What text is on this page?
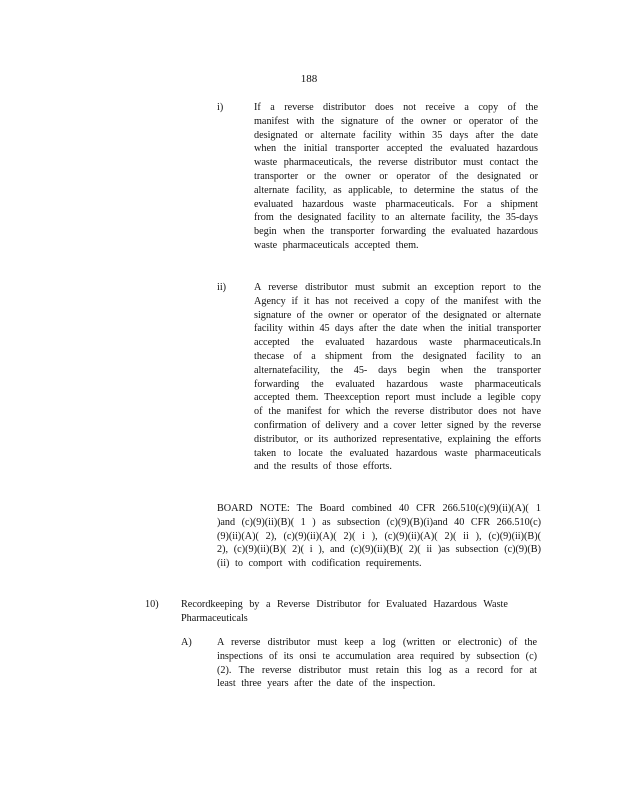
188
i)	If a reverse distributor does not receive a copy of the manifest with the signature of the owner or operator of the designated or alternate facility within 35 days after the date when the initial transporter accepted the evaluated hazardous waste pharmaceuticals, the reverse distributor must contact the transporter or the owner or operator of the designated or alternate facility, as applicable, to determine the status of the evaluated hazardous waste pharmaceuticals. For a shipment from the designated facility to an alternate facility, the 35-days begin when the transporter forwarding the evaluated hazardous waste pharmaceuticals accepted them.
ii)	A reverse distributor must submit an exception report to the Agency if it has not received a copy of the manifest with the signature of the owner or operator of the designated or alternate facility within 45 days after the date when the initial transporter accepted the evaluated hazardous waste pharmaceuticals.In thecase of a shipment from the designated facility to an alternatefacility, the 45- days begin when the transporter forwarding the evaluated hazardous waste pharmaceuticals accepted them. Theexception report must include a legible copy of the manifest for which the reverse distributor does not have confirmation of delivery and a cover letter signed by the reverse distributor, or its authorized representative, explaining the efforts taken to locate the evaluated hazardous waste pharmaceuticals and the results of those efforts.
BOARD NOTE: The Board combined 40 CFR 266.510(c)(9)(ii)(A)( 1 )and (c)(9)(ii)(B)( 1 ) as subsection (c)(9)(B)(i)and 40 CFR 266.510(c)(9)(ii)(A)( 2), (c)(9)(ii)(A)( 2)( i ), (c)(9)(ii)(A)( 2)( ii ), (c)(9)(ii)(B)( 2), (c)(9)(ii)(B)( 2)( i ), and (c)(9)(ii)(B)( 2)( ii )as subsection (c)(9)(B)(ii) to comport with codification requirements.
10) Recordkeeping by a Reverse Distributor for Evaluated Hazardous Waste Pharmaceuticals
A) A reverse distributor must keep a log (written or electronic) of the inspections of its onsi te accumulation area required by subsection (c)(2). The reverse distributor must retain this log as a record for at least three years after the date of the inspection.
